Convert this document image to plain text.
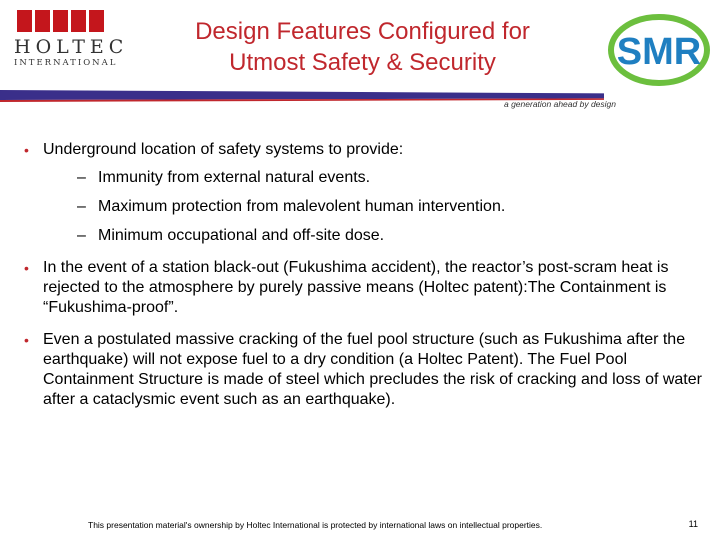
HOLTEC
INTERNATIONAL
Design Features Configured for
Utmost Safety & Security	SMR
a generation ahead by design
• Underground location of safety systems to provide:
– Immunity from external natural events.
– Maximum protection from malevolent human intervention.
– Minimum occupational and off-site dose.
• In the event of a station black-out (Fukushima accident), the reactor’s post-scram heat is rejected to the atmosphere by purely passive means (Holtec patent):The Containment is “Fukushima-proof”.
• Even a postulated massive cracking of the fuel pool structure (such as Fukushima after the earthquake) will not expose fuel to a dry condition (a Holtec Patent). The Fuel Pool Containment Structure is made of steel which precludes the risk of cracking and loss of water after a cataclysmic event such as an earthquake).
This presentation material's ownership by Holtec International is protected by international laws on intellectual properties.	11
